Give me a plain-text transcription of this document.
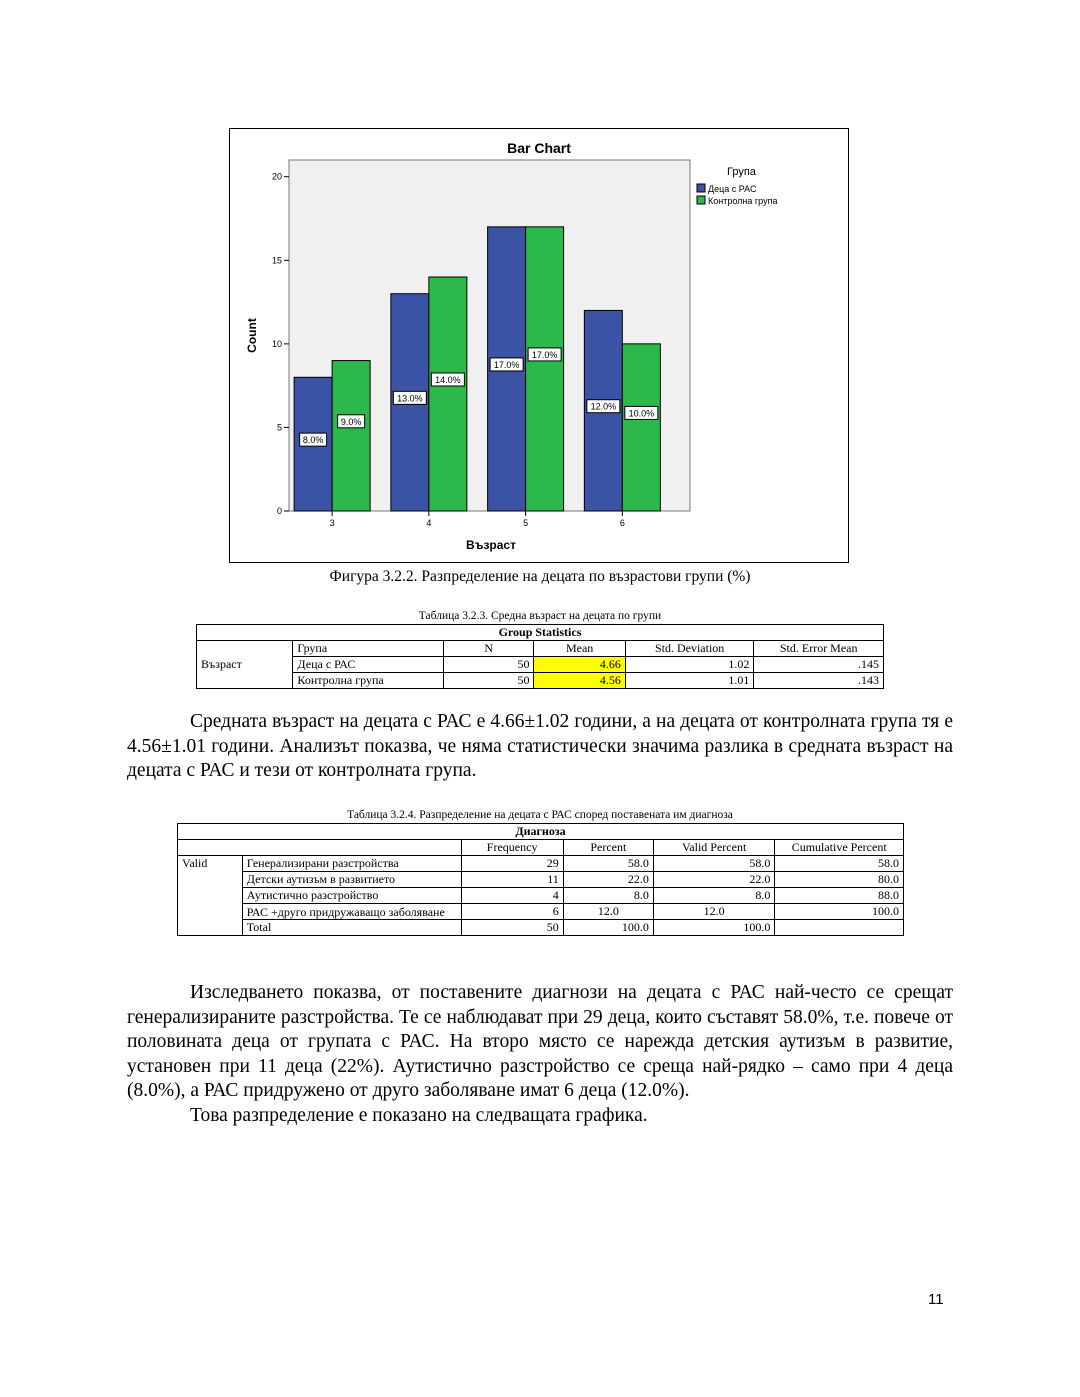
Bar Chart
0
5
10
15
20
Count
3
8.0%
9.0%
4
13.0%
14.0%
5
17.0%
17.0%
6
12.0%
10.0%
Възраст
Група
Деца с РАС
Контролна група
Фигура 3.2.2. Разпределение на децата по възрастови групи (%)
Таблица 3.2.3. Средна възраст на децата по групи
Group Statistics					
	Група	N	Mean	Std. Deviation	Std. Error Mean
Възраст	Деца с РАС	50	4.66	1.02	.145
	Контролна група	50	4.56	1.01	.143

Средната възраст на децата с РАС е 4.66±1.02 години, а на децата от контролната група тя е 4.56±1.01 години. Анализът показва, че няма статистически значима разлика в средната възраст на децата с РАС и тези от контролната група.

Таблица 3.2.4. Разпределение на децата с РАС според поставената им диагноза
Диагноза					
		Frequency	Percent	Valid Percent	Cumulative Percent
Valid	Генерализирани разстройства	29	58.0	58.0	58.0
	Детски аутизъм в развитието	11	22.0	22.0	80.0
	Аутистично разстройство	4	8.0	8.0	88.0
	РАС +друго придружаващо заболяване	6	12.0	12.0	100.0
	Total	50	100.0	100.0	

Изследването показва, от поставените диагнози на децата с РАС най-често се срещат генерализираните разстройства. Те се наблюдават при 29 деца, които съставят 58.0%, т.е. повече от половината деца от групата с РАС. На второ място се нарежда детския аутизъм в развитие, установен при 11 деца (22%). Аутистично разстройство се среща най-рядко – само при 4 деца (8.0%), а РАС придружено от друго заболяване имат 6 деца (12.0%).

Това разпределение е показано на следващата графика.

11
